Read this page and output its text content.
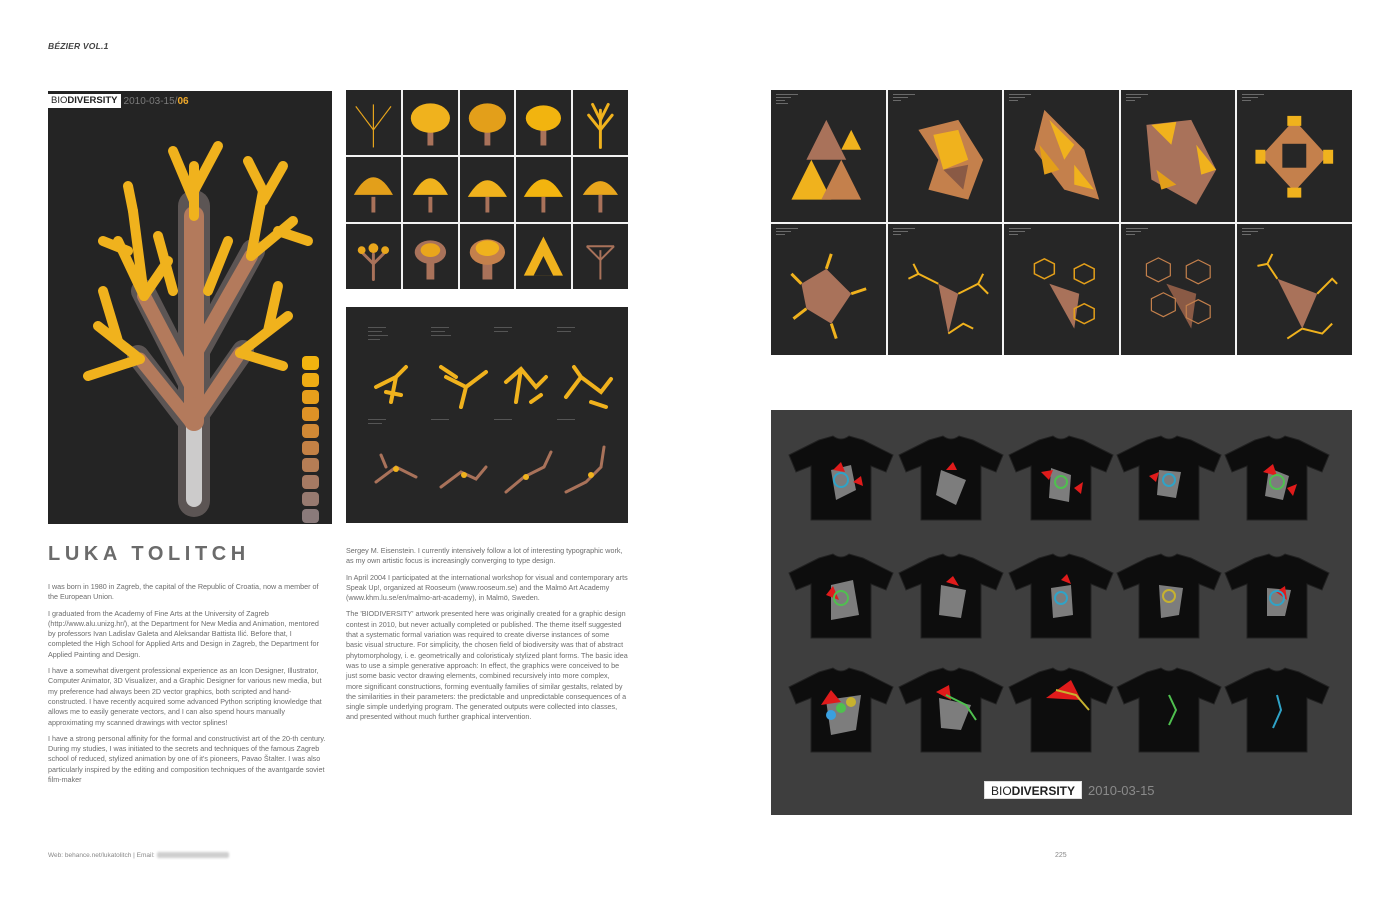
BÉZIER VOL.1
BIODIVERSITY 2010-03-15/ 06
LUKA TOLITCH

I was born in 1980 in Zagreb, the capital of the Republic of Croatia, now a member of the European Union.

I graduated from the Academy of Fine Arts at the University of Zagreb (http://www.alu.unizg.hr/), at the Department for New Media and Animation, mentored by professors Ivan Ladislav Galeta and Aleksandar Battista Ilić. Before that, I completed the High School for Applied Arts and Design in Zagreb, the Department for Applied Painting and Design.

I have a somewhat divergent professional experience as an Icon Designer, Illustrator, Computer Animator, 3D Visualizer, and a Graphic Designer for various new media, but my preference had always been 2D vector graphics, both scripted and hand-constructed. I have recently acquired some advanced Python scripting knowledge that allows me to easily generate vectors, and I can also spend hours manually approximating my scanned drawings with vector splines!

I have a strong personal affinity for the formal and constructivist art of the 20-th century. During my studies, I was initiated to the secrets and techniques of the famous Zagreb school of reduced, stylized animation by one of it's pioneers, Pavao Štalter. I was also particularly inspired by the editing and composition techniques of the avantgarde soviet film-maker

Sergey M. Eisenstein. I currently intensively follow a lot of interesting typographic work, as my own artistic focus is increasingly converging to type design.

In April 2004 I participated at the international workshop for visual and contemporary arts Speak Up!, organized at Rooseum (www.rooseum.se) and the Malmö Art Academy (www.khm.lu.se/en/malmo-art-academy), in Malmö, Sweden.

The 'BIODIVERSITY' artwork presented here was originally created for a graphic design contest in 2010, but never actually completed or published. The theme itself suggested that a systematic formal variation was required to create diverse instances of some basic visual structure. For simplicity, the chosen field of biodiversity was that of abstract phytomorphology, i. e. geometrically and coloristicaly stylized plant forms. The basic idea was to use a simple generative approach: In effect, the graphics were conceived to be just some basic vector drawing elements, combined recursively into more complex, more significant constructions, forming eventually families of similar gestalts, related by the similarities in their parameters: the predictable and unpredictable consequences of a single simple underlying program. The generated outputs were collected into classes, and presented without much further graphical intervention.

Web: behance.net/lukatolitch | Email:	225
BIODIVERSITY	2010-03-15
